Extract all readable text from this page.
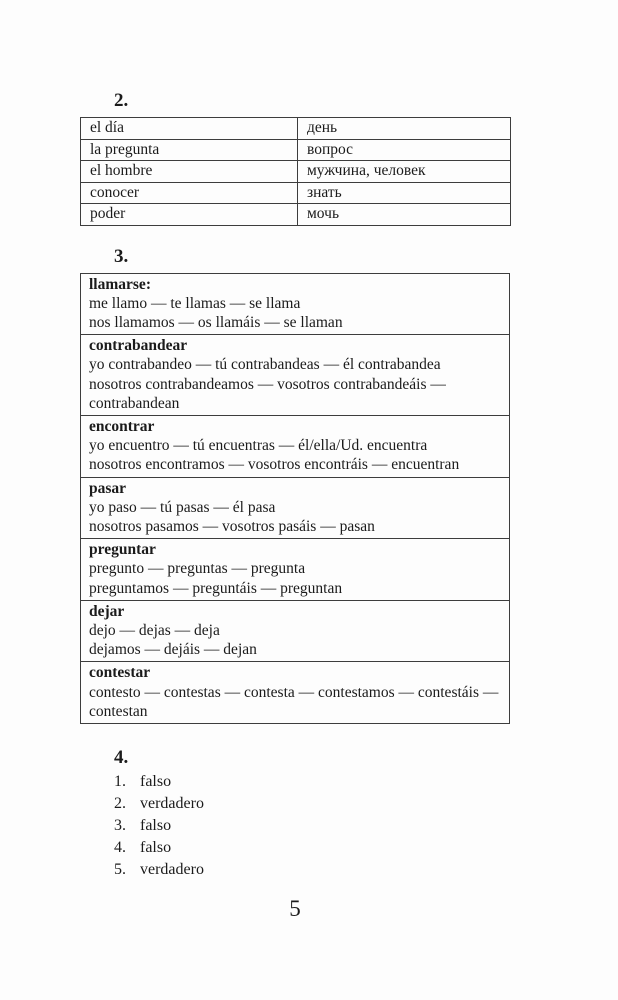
2.
el día	день
la pregunta	вопрос
el hombre	мужчина, человек
conocer	знать
poder	мочь
3.
llamarse:
me llamo — te llamas — se llama
nos llamamos — os llamáis — se llaman

contrabandear
yo contrabandeo — tú contrabandeas — él contrabandea
nosotros contrabandeamos — vosotros contrabandeáis — contrabandean

encontrar
yo encuentro — tú encuentras — él/ella/Ud. encuentra
nosotros encontramos — vosotros encontráis — encuentran

pasar
yo paso — tú pasas — él pasa
nosotros pasamos — vosotros pasáis — pasan

preguntar
pregunto — preguntas — pregunta
preguntamos — preguntáis — preguntan

dejar
dejo — dejas — deja
dejamos — dejáis — dejan

contestar
contesto — contestas — contesta — contestamos — contestáis — contestan
4.
1. falso
2. verdadero
3. falso
4. falso
5. verdadero
5
